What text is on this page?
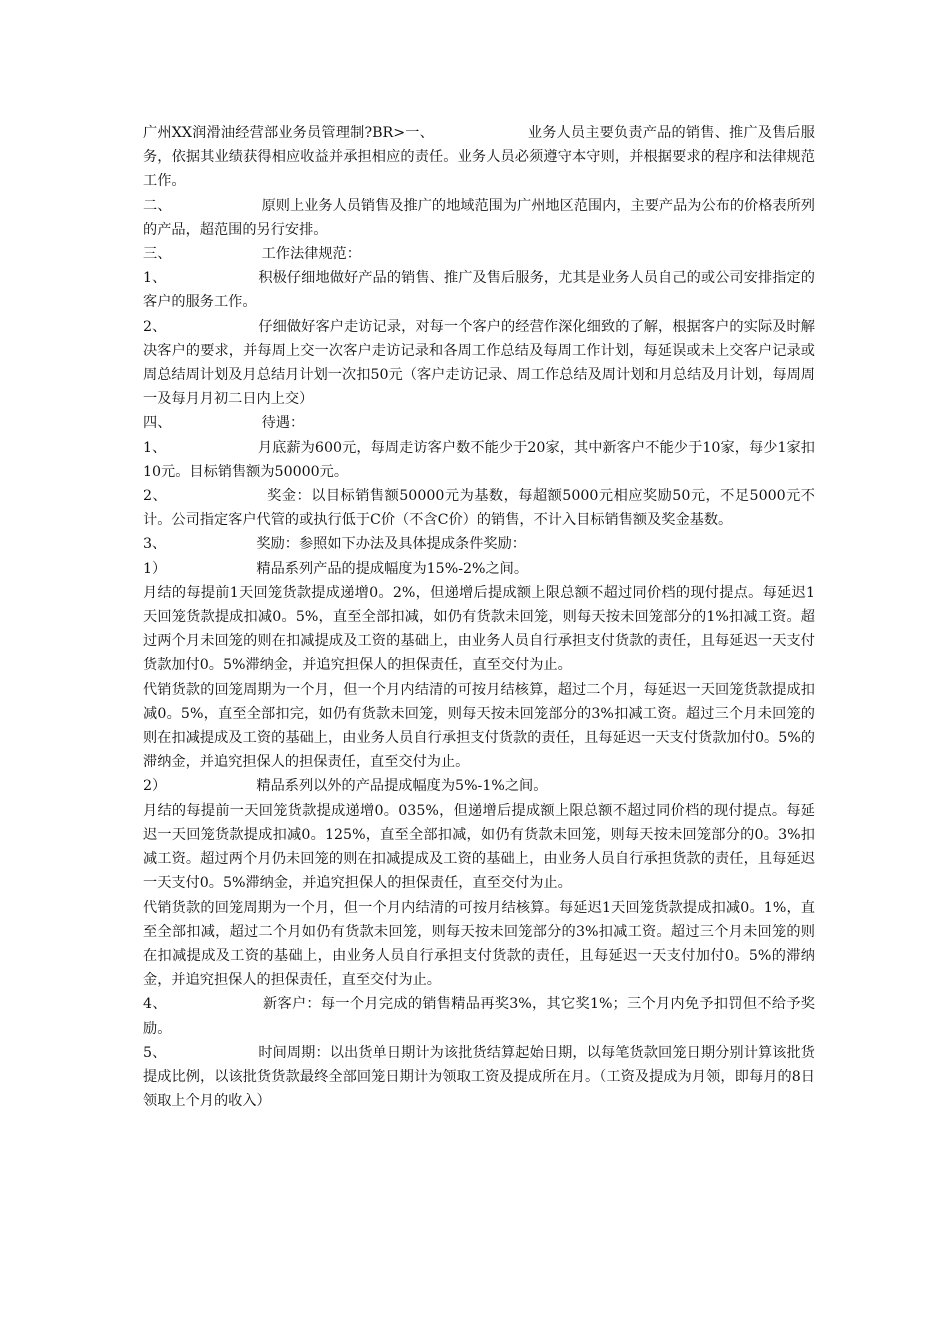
广州XX润滑油经营部业务员管理制?BR>一、                    业务人员主要负责产品的销售、推广及售后服务，依据其业绩获得相应收益并承担相应的责任。业务人员必须遵守本守则，并根据要求的程序和法律规范工作。

二、                    原则上业务人员销售及推广的地域范围为广州地区范围内，主要产品为公布的价格表所列的产品，超范围的另行安排。

三、                    工作法律规范：

1、                    积极仔细地做好产品的销售、推广及售后服务，尤其是业务人员自己的或公司安排指定的客户的服务工作。

2、                    仔细做好客户走访记录，对每一个客户的经营作深化细致的了解，根据客户的实际及时解决客户的要求，并每周上交一次客户走访记录和各周工作总结及每周工作计划，每延误或未上交客户记录或周总结周计划及月总结月计划一次扣50元（客户走访记录、周工作总结及周计划和月总结及月计划，每周周一及每月月初二日内上交）

四、                    待遇：

1、                    月底薪为600元，每周走访客户数不能少于20家，其中新客户不能少于10家，每少1家扣10元。目标销售额为50000元。

2、                    奖金：以目标销售额50000元为基数，每超额5000元相应奖励50元，不足5000元不计。公司指定客户代管的或执行低于C价（不含C价）的销售，不计入目标销售额及奖金基数。

3、                    奖励：参照如下办法及具体提成条件奖励：

1）                    精品系列产品的提成幅度为15%-2%之间。

月结的每提前1天回笼货款提成递增0。2%，但递增后提成额上限总额不超过同价档的现付提点。每延迟1天回笼货款提成扣减0。5%，直至全部扣减，如仍有货款未回笼，则每天按未回笼部分的1%扣减工资。超过两个月未回笼的则在扣减提成及工资的基础上，由业务人员自行承担支付货款的责任，且每延迟一天支付货款加付0。5%滞纳金，并追究担保人的担保责任，直至交付为止。

代销货款的回笼周期为一个月，但一个月内结清的可按月结核算，超过二个月，每延迟一天回笼货款提成扣减0。5%，直至全部扣完，如仍有货款未回笼，则每天按未回笼部分的3%扣减工资。超过三个月未回笼的则在扣减提成及工资的基础上，由业务人员自行承担支付货款的责任，且每延迟一天支付货款加付0。5%的滞纳金，并追究担保人的担保责任，直至交付为止。

2）                    精品系列以外的产品提成幅度为5%-1%之间。

月结的每提前一天回笼货款提成递增0。035%，但递增后提成额上限总额不超过同价档的现付提点。每延迟一天回笼货款提成扣减0。125%，直至全部扣减，如仍有货款未回笼，则每天按未回笼部分的0。3%扣减工资。超过两个月仍未回笼的则在扣减提成及工资的基础上，由业务人员自行承担货款的责任，且每延迟一天支付0。5%滞纳金，并追究担保人的担保责任，直至交付为止。

代销货款的回笼周期为一个月，但一个月内结清的可按月结核算。每延迟1天回笼货款提成扣减0。1%，直至全部扣减，超过二个月如仍有货款未回笼，则每天按未回笼部分的3%扣减工资。超过三个月未回笼的则在扣减提成及工资的基础上，由业务人员自行承担支付货款的责任，且每延迟一天支付加付0。5%的滞纳金，并追究担保人的担保责任，直至交付为止。

4、                    新客户：每一个月完成的销售精品再奖3%，其它奖1%；三个月内免予扣罚但不给予奖励。

5、                    时间周期：以出货单日期计为该批货结算起始日期，以每笔货款回笼日期分别计算该批货提成比例，以该批货货款最终全部回笼日期计为领取工资及提成所在月。（工资及提成为月领，即每月的8日领取上个月的收入）
